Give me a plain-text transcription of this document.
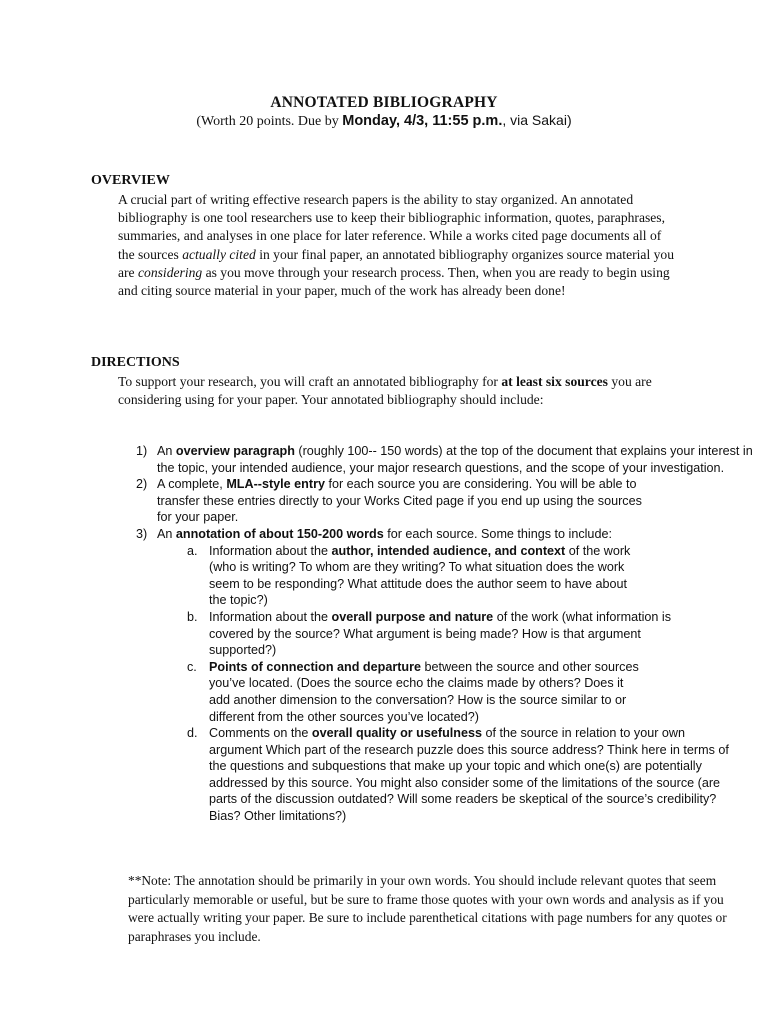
ANNOTATED BIBLIOGRAPHY
(Worth 20 points. Due by Monday, 4/3, 11:55 p.m., via Sakai)
OVERVIEW
A crucial part of writing effective research papers is the ability to stay organized. An annotated bibliography is one tool researchers use to keep their bibliographic information, quotes, paraphrases, summaries, and analyses in one place for later reference. While a works cited page documents all of the sources actually cited in your final paper, an annotated bibliography organizes source material you are considering as you move through your research process. Then, when you are ready to begin using and citing source material in your paper, much of the work has already been done!
DIRECTIONS
To support your research, you will craft an annotated bibliography for at least six sources you are considering using for your paper. Your annotated bibliography should include:
1) An overview paragraph (roughly 100-- 150 words) at the top of the document that explains your interest in the topic, your intended audience, your major research questions, and the scope of your investigation.
2) A complete, MLA--style entry for each source you are considering. You will be able to transfer these entries directly to your Works Cited page if you end up using the sources for your paper.
3) An annotation of about 150-200 words for each source. Some things to include:
a. Information about the author, intended audience, and context of the work (who is writing? To whom are they writing? To what situation does the work seem to be responding? What attitude does the author seem to have about the topic?)
b. Information about the overall purpose and nature of the work (what information is covered by the source? What argument is being made? How is that argument supported?)
c. Points of connection and departure between the source and other sources you’ve located. (Does the source echo the claims made by others? Does it add another dimension to the conversation? How is the source similar to or different from the other sources you’ve located?)
d. Comments on the overall quality or usefulness of the source in relation to your own argument Which part of the research puzzle does this source address? Think here in terms of the questions and subquestions that make up your topic and which one(s) are potentially addressed by this source. You might also consider some of the limitations of the source (are parts of the discussion outdated? Will some readers be skeptical of the source’s credibility? Bias? Other limitations?)
**Note: The annotation should be primarily in your own words. You should include relevant quotes that seem particularly memorable or useful, but be sure to frame those quotes with your own words and analysis as if you were actually writing your paper. Be sure to include parenthetical citations with page numbers for any quotes or paraphrases you include.
